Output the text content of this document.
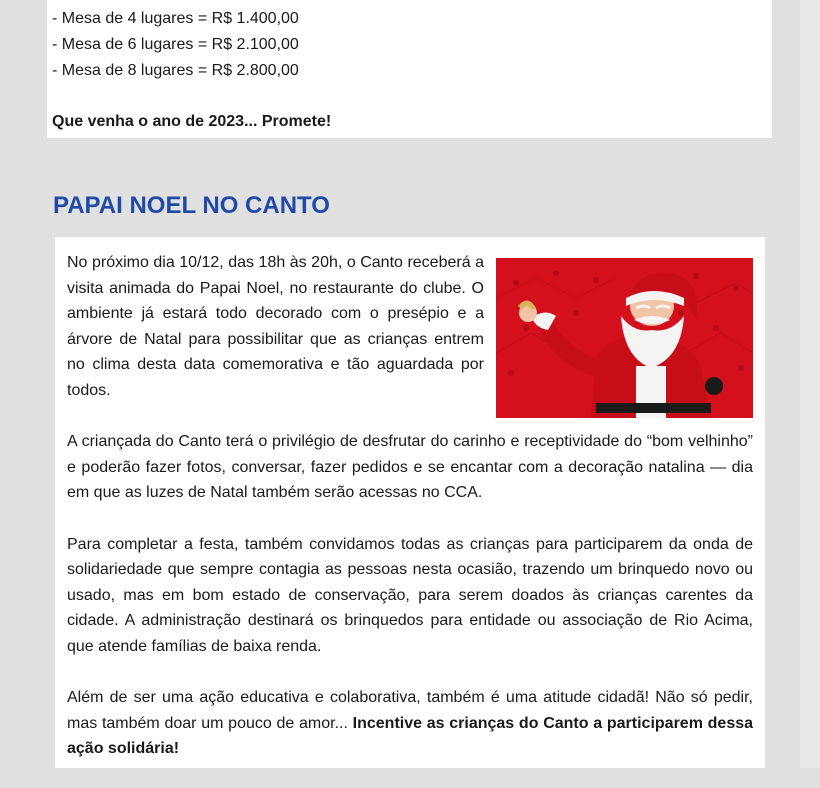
- Mesa de 4 lugares = R$ 1.400,00
- Mesa de 6 lugares = R$ 2.100,00
- Mesa de 8 lugares = R$ 2.800,00
Que venha o ano de 2023... Promete!
PAPAI NOEL NO CANTO
No próximo dia 10/12, das 18h às 20h, o Canto receberá a visita animada do Papai Noel, no restaurante do clube. O ambiente já estará todo decorado com o presépio e a árvore de Natal para possibilitar que as crianças entrem no clima desta data comemorativa e tão aguardada por todos.

A criançada do Canto terá o privilégio de desfrutar do carinho e receptividade do “bom velhinho” e poderão fazer fotos, conversar, fazer pedidos e se encantar com a decoração natalina — dia em que as luzes de Natal também serão acessas no CCA.

Para completar a festa, também convidamos todas as crianças para participarem da onda de solidariedade que sempre contagia as pessoas nesta ocasião, trazendo um brinquedo novo ou usado, mas em bom estado de conservação, para serem doados às crianças carentes da cidade. A administração destinará os brinquedos para entidade ou associação de Rio Acima, que atende famílias de baixa renda.

Além de ser uma ação educativa e colaborativa, também é uma atitude cidadã! Não só pedir, mas também doar um pouco de amor... Incentive as crianças do Canto a participarem dessa ação solidária!
